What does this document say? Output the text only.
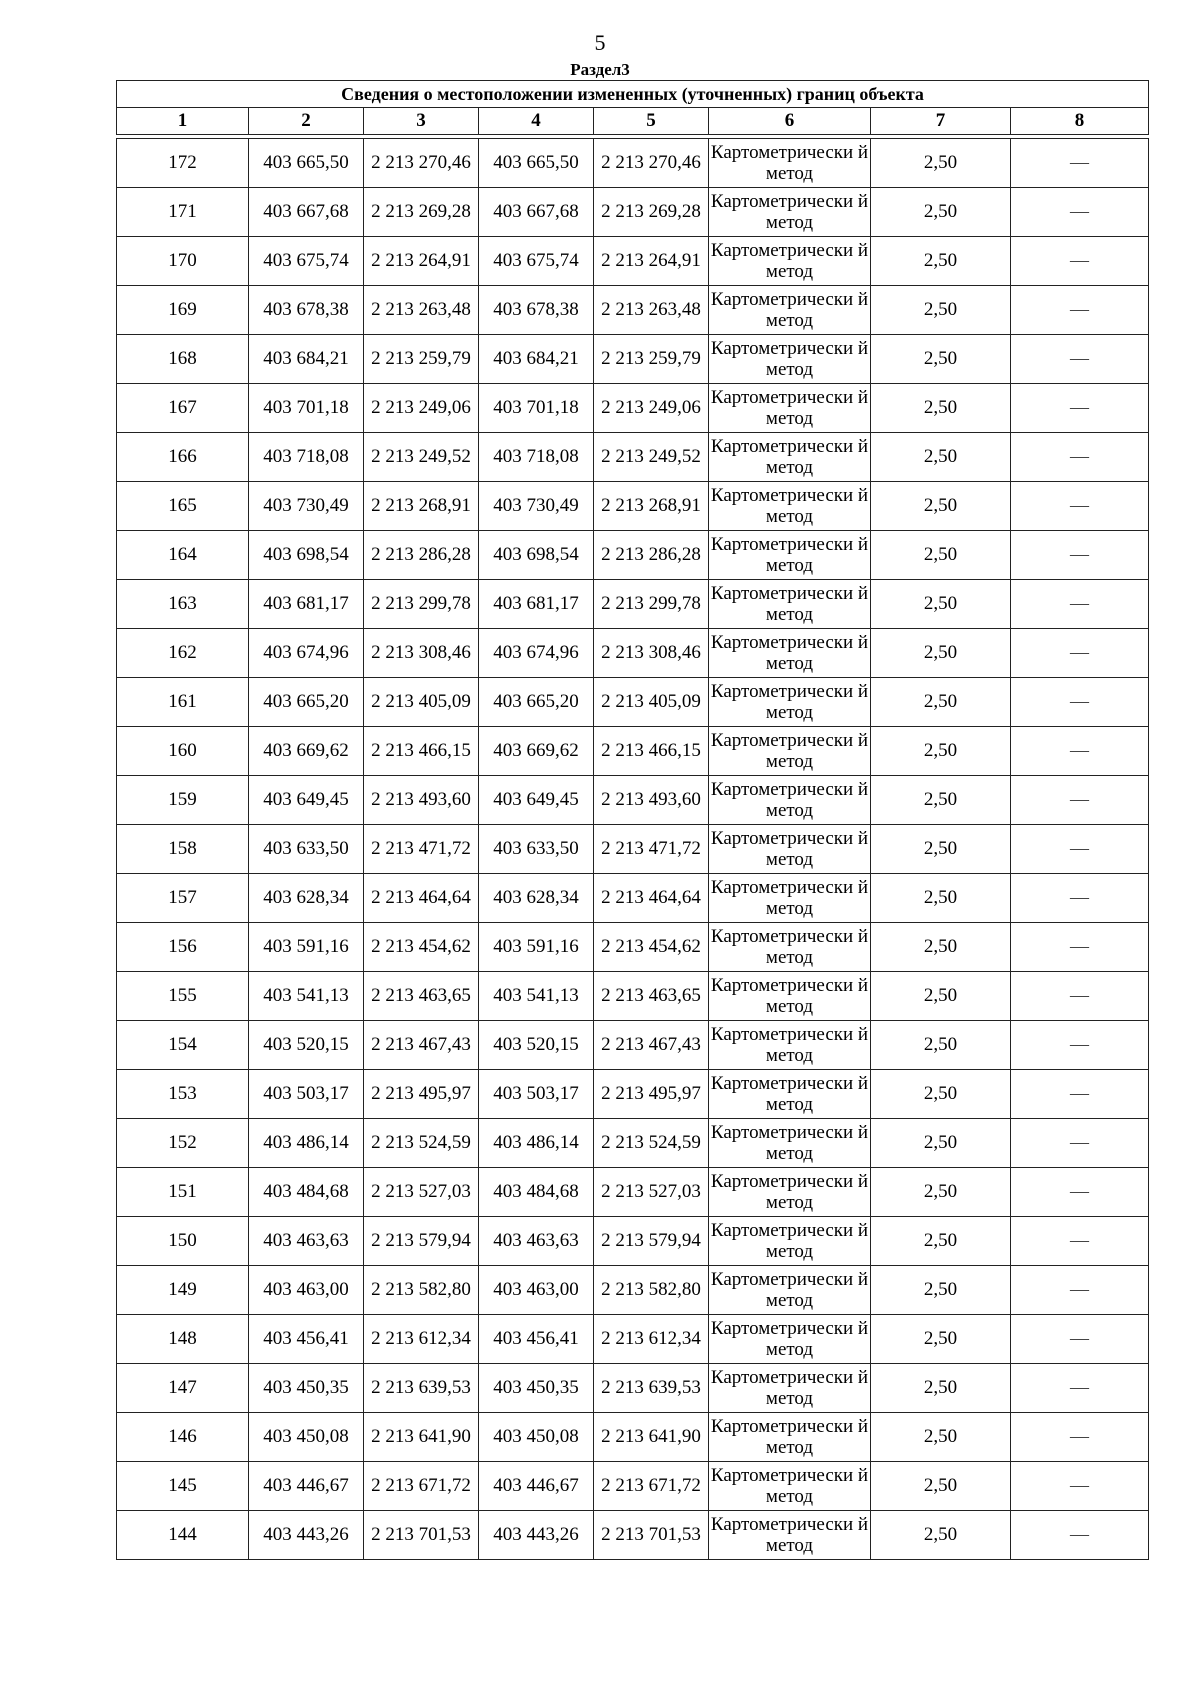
5
Раздел3
Сведения о местоположении измененных (уточненных) границ объекта							
1	2	3	4	5	6	7	8

172	403 665,50	2 213 270,46	403 665,50	2 213 270,46	Картометрически й метод	2,50	—
171	403 667,68	2 213 269,28	403 667,68	2 213 269,28	Картометрически й метод	2,50	—
170	403 675,74	2 213 264,91	403 675,74	2 213 264,91	Картометрически й метод	2,50	—
169	403 678,38	2 213 263,48	403 678,38	2 213 263,48	Картометрически й метод	2,50	—
168	403 684,21	2 213 259,79	403 684,21	2 213 259,79	Картометрически й метод	2,50	—
167	403 701,18	2 213 249,06	403 701,18	2 213 249,06	Картометрически й метод	2,50	—
166	403 718,08	2 213 249,52	403 718,08	2 213 249,52	Картометрически й метод	2,50	—
165	403 730,49	2 213 268,91	403 730,49	2 213 268,91	Картометрически й метод	2,50	—
164	403 698,54	2 213 286,28	403 698,54	2 213 286,28	Картометрически й метод	2,50	—
163	403 681,17	2 213 299,78	403 681,17	2 213 299,78	Картометрически й метод	2,50	—
162	403 674,96	2 213 308,46	403 674,96	2 213 308,46	Картометрически й метод	2,50	—
161	403 665,20	2 213 405,09	403 665,20	2 213 405,09	Картометрически й метод	2,50	—
160	403 669,62	2 213 466,15	403 669,62	2 213 466,15	Картометрически й метод	2,50	—
159	403 649,45	2 213 493,60	403 649,45	2 213 493,60	Картометрически й метод	2,50	—
158	403 633,50	2 213 471,72	403 633,50	2 213 471,72	Картометрически й метод	2,50	—
157	403 628,34	2 213 464,64	403 628,34	2 213 464,64	Картометрически й метод	2,50	—
156	403 591,16	2 213 454,62	403 591,16	2 213 454,62	Картометрически й метод	2,50	—
155	403 541,13	2 213 463,65	403 541,13	2 213 463,65	Картометрически й метод	2,50	—
154	403 520,15	2 213 467,43	403 520,15	2 213 467,43	Картометрически й метод	2,50	—
153	403 503,17	2 213 495,97	403 503,17	2 213 495,97	Картометрически й метод	2,50	—
152	403 486,14	2 213 524,59	403 486,14	2 213 524,59	Картометрически й метод	2,50	—
151	403 484,68	2 213 527,03	403 484,68	2 213 527,03	Картометрически й метод	2,50	—
150	403 463,63	2 213 579,94	403 463,63	2 213 579,94	Картометрически й метод	2,50	—
149	403 463,00	2 213 582,80	403 463,00	2 213 582,80	Картометрически й метод	2,50	—
148	403 456,41	2 213 612,34	403 456,41	2 213 612,34	Картометрически й метод	2,50	—
147	403 450,35	2 213 639,53	403 450,35	2 213 639,53	Картометрически й метод	2,50	—
146	403 450,08	2 213 641,90	403 450,08	2 213 641,90	Картометрически й метод	2,50	—
145	403 446,67	2 213 671,72	403 446,67	2 213 671,72	Картометрически й метод	2,50	—
144	403 443,26	2 213 701,53	403 443,26	2 213 701,53	Картометрически й метод	2,50	—
